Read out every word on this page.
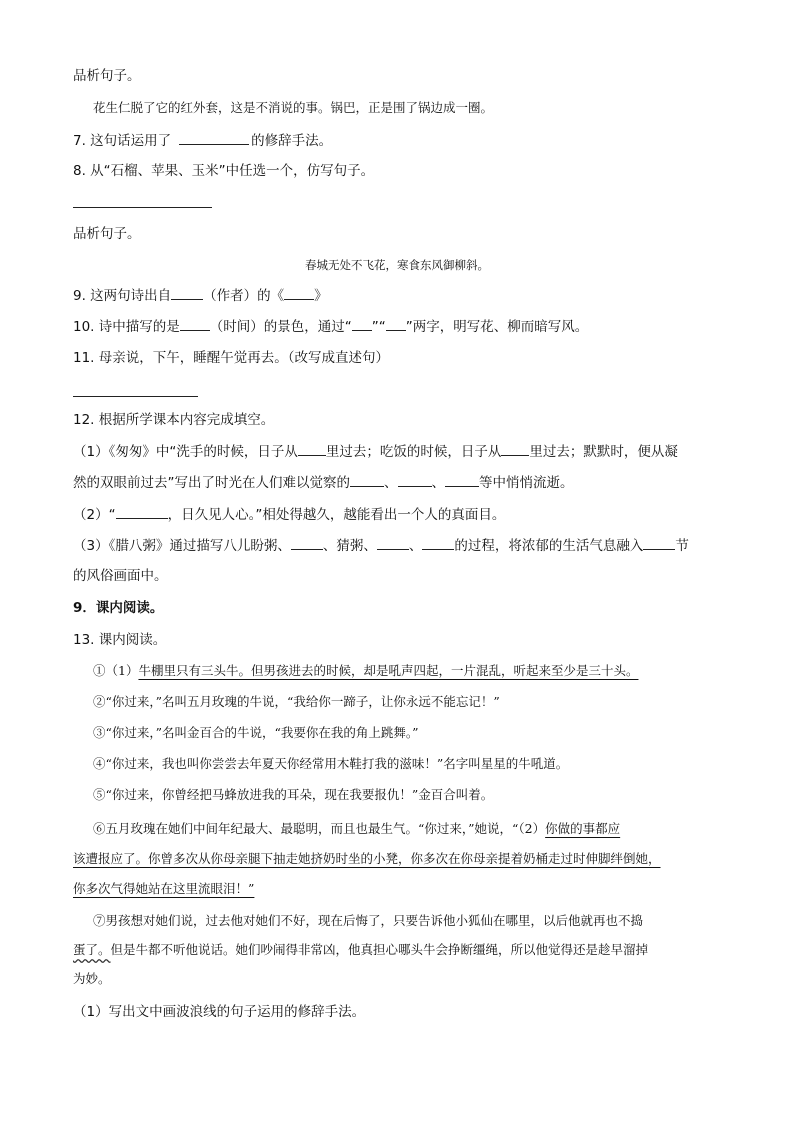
品析句子。
花生仁脱了它的红外套，这是不消说的事。锅巴，正是围了锅边成一圈。
7. 这句话运用了	的修辞手法。
8. 从“石榴、苹果、玉米”中任选一个，仿写句子。
品析句子。
春城无处不飞花，寒食东风御柳斜。
9. 这两句诗出自 （作者）的《 》
10. 诗中描写的是 （时间）的景色，通过“ ”“ ”两字，明写花、柳而暗写风。
11. 母亲说，下午，睡醒午觉再去。（改写成直述句）
12. 根据所学课本内容完成填空。
（1）《匆匆》中“洗手的时候，日子从 里过去；吃饭的时候，日子从 里过去；默默时，便从凝
然的双眼前过去”写出了时光在人们难以觉察的	、	、	等中悄悄流逝。
（2）“	，日久见人心。”相处得越久，越能看出一个人的真面目。
（3）《腊八粥》通过描写八儿盼粥、 、猜粥、 、 的过程，将浓郁的生活气息融入 节
的风俗画面中。
9．课内阅读。
13. 课内阅读。
①（1）牛棚里只有三头牛。但男孩进去的时候，却是吼声四起，一片混乱，听起来至少是三十头。
②“你过来，”名叫五月玫瑰的牛说，“我给你一蹄子，让你永远不能忘记！”
③“你过来，”名叫金百合的牛说，“我要你在我的角上跳舞。”
④“你过来，我也叫你尝尝去年夏天你经常用木鞋打我的滋味！”名字叫星星的牛吼道。
⑤“你过来，你曾经把马蜂放进我的耳朵，现在我要报仇！”金百合叫着。
⑥五月玫瑰在她们中间年纪最大、最聪明，而且也最生气。“你过来，”她说，“（2）你做的事都应
该遭报应了。你曾多次从你母亲腿下抽走她挤奶时坐的小凳，你多次在你母亲提着奶桶走过时伸脚绊倒她，
你多次气得她站在这里流眼泪！”
⑦男孩想对她们说，过去他对她们不好，现在后悔了，只要告诉他小狐仙在哪里，以后他就再也不捣
蛋了。但是牛都不听他说话。她们吵闹得非常凶，他真担心哪头牛会挣断缰绳，所以他觉得还是趁早溜掉
为妙。
（1）写出文中画波浪线的句子运用的修辞手法。
